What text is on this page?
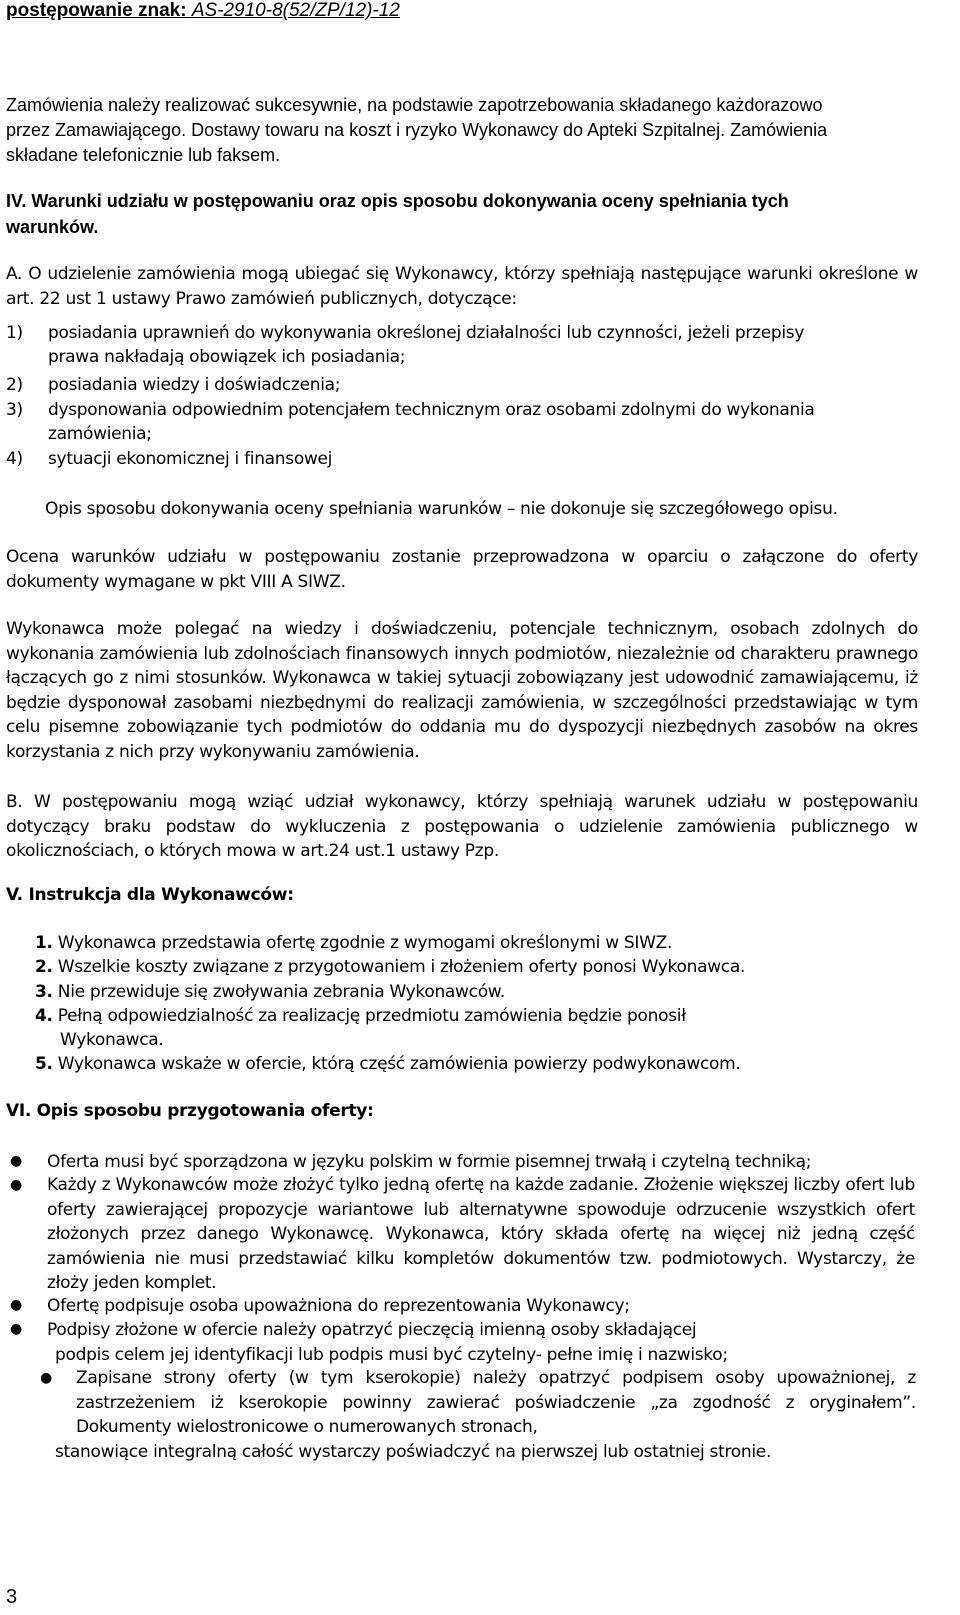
postępowanie znak: AS-2910-8(52/ZP/12)-12
Zamówienia należy realizować sukcesywnie, na podstawie zapotrzebowania składanego każdorazowo
przez Zamawiającego. Dostawy towaru na koszt i ryzyko Wykonawcy do Apteki Szpitalnej. Zamówienia
składane telefonicznie lub faksem.
IV. Warunki udziału w postępowaniu oraz opis sposobu dokonywania oceny spełniania tych
warunków.
A. O udzielenie zamówienia mogą ubiegać się Wykonawcy, którzy spełniają następujące warunki określone w art. 22 ust 1 ustawy Prawo zamówień publicznych, dotyczące:
1) posiadania uprawnień do wykonywania określonej działalności lub czynności, jeżeli przepisy
prawa nakładają obowiązek ich posiadania;
2) posiadania wiedzy i doświadczenia;
3) dysponowania odpowiednim potencjałem technicznym oraz osobami zdolnymi do wykonania
zamówienia;
4) sytuacji ekonomicznej i finansowej
Opis sposobu dokonywania oceny spełniania warunków – nie dokonuje się szczegółowego opisu.
Ocena warunków udziału w postępowaniu zostanie przeprowadzona w oparciu o załączone do oferty dokumenty wymagane w pkt VIII A SIWZ.
Wykonawca może polegać na wiedzy i doświadczeniu, potencjale technicznym, osobach zdolnych do wykonania zamówienia lub zdolnościach finansowych innych podmiotów, niezależnie od charakteru prawnego łączących go z nimi stosunków. Wykonawca w takiej sytuacji zobowiązany jest udowodnić zamawiającemu, iż będzie dysponował zasobami niezbędnymi do realizacji zamówienia, w szczególności przedstawiając w tym celu pisemne zobowiązanie tych podmiotów do oddania mu do dyspozycji niezbędnych zasobów na okres korzystania z nich przy wykonywaniu zamówienia.
B. W postępowaniu mogą wziąć udział wykonawcy, którzy spełniają warunek udziału w postępowaniu dotyczący braku podstaw do wykluczenia z postępowania o udzielenie zamówienia publicznego w okolicznościach, o których mowa w art.24 ust.1 ustawy Pzp.
V. Instrukcja dla Wykonawców:
1. Wykonawca przedstawia ofertę zgodnie z wymogami określonymi w SIWZ.
2. Wszelkie koszty związane z przygotowaniem i złożeniem oferty ponosi Wykonawca.
3. Nie przewiduje się zwoływania zebrania Wykonawców.
4. Pełną odpowiedzialność za realizację przedmiotu zamówienia będzie ponosił
Wykonawca.
5. Wykonawca wskaże w ofercie, którą część zamówienia powierzy podwykonawcom.
VI. Opis sposobu przygotowania oferty:
● Oferta musi być sporządzona w języku polskim w formie pisemnej trwałą i czytelną techniką;
● Każdy z Wykonawców może złożyć tylko jedną ofertę na każde zadanie. Złożenie większej liczby ofert lub oferty zawierającej propozycje wariantowe lub alternatywne spowoduje odrzucenie wszystkich ofert złożonych przez danego Wykonawcę. Wykonawca, który składa ofertę na więcej niż jedną część zamówienia nie musi przedstawiać kilku kompletów dokumentów tzw. podmiotowych. Wystarczy, że złoży jeden komplet.
● Ofertę podpisuje osoba upoważniona do reprezentowania Wykonawcy;
● Podpisy złożone w ofercie należy opatrzyć pieczęcią imienną osoby składającej
podpis celem jej identyfikacji lub podpis musi być czytelny- pełne imię i nazwisko;
● Zapisane strony oferty (w tym kserokopie) należy opatrzyć podpisem osoby upoważnionej, z zastrzeżeniem iż kserokopie powinny zawierać poświadczenie „za zgodność z oryginałem”. Dokumenty wielostronicowe o numerowanych stronach,
stanowiące integralną całość wystarczy poświadczyć na pierwszej lub ostatniej stronie.
3
